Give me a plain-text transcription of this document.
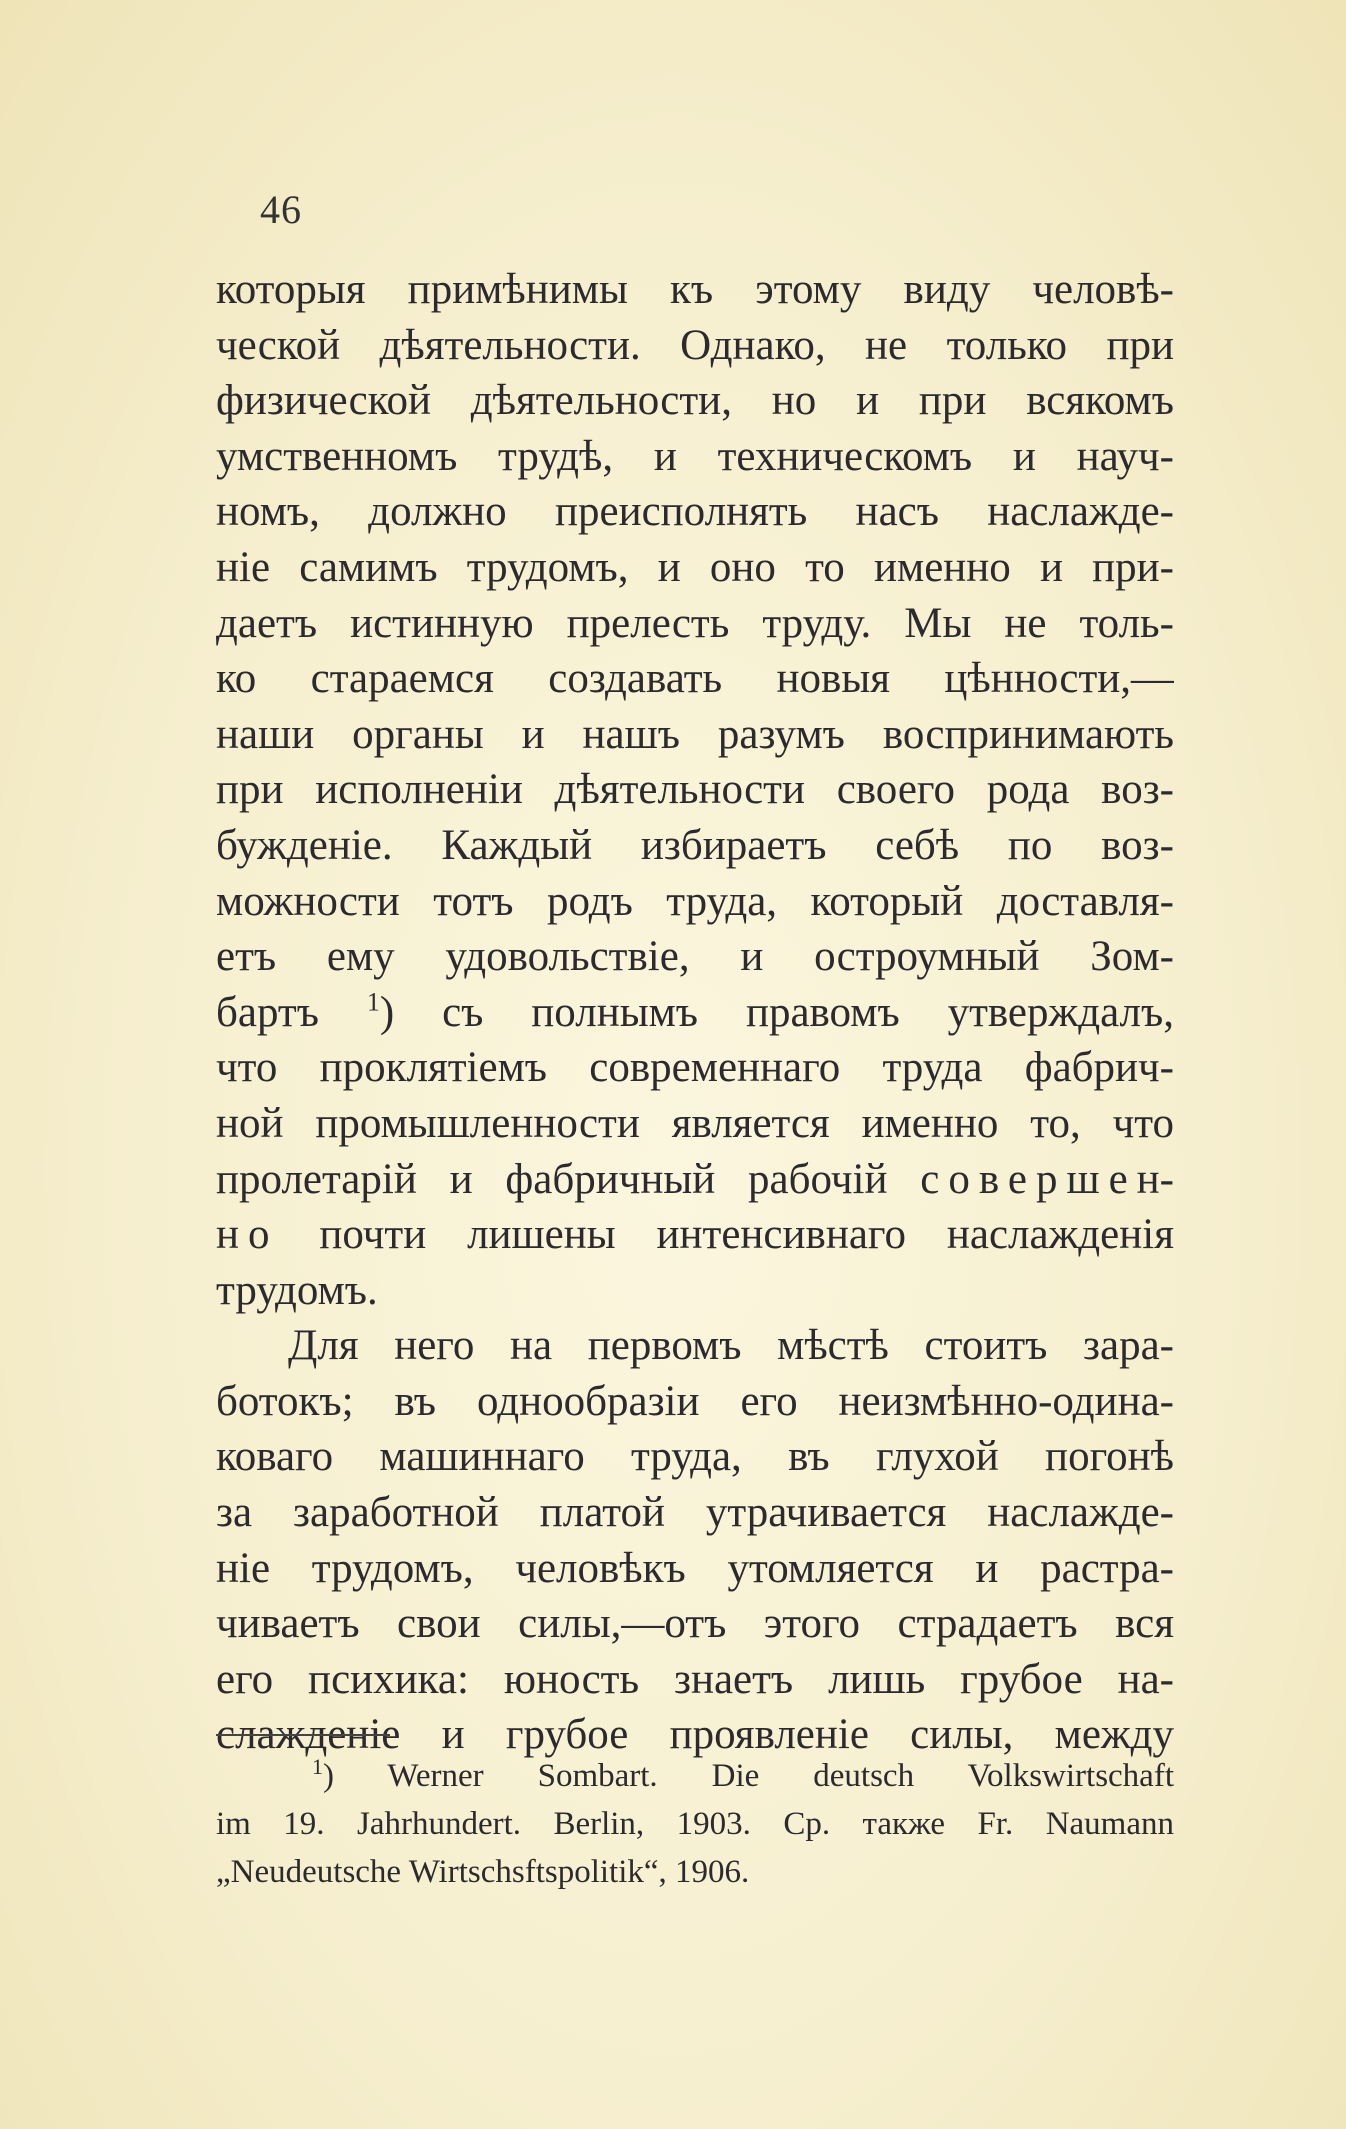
46
которыя примѣнимы къ этому виду человѣ-
ческой дѣятельности. Однако, не только при
физической дѣятельности, но и при всякомъ
умственномъ трудѣ, и техническомъ и науч-
номъ, должно преисполнять насъ наслажде-
ніе самимъ трудомъ, и оно то именно и при-
даетъ истинную прелесть труду. Мы не толь-
ко стараемся создавать новыя цѣнности,—
наши органы и нашъ разумъ воспринимають
при исполненіи дѣятельности своего рода воз-
бужденіе. Каждый избираетъ себѣ по воз-
можности тотъ родъ труда, который доставля-
етъ ему удовольствіе, и остроумный Зом-
бартъ $^1$) съ полнымъ правомъ утверждалъ,
что проклятіемъ современнаго труда фабрич-
ной промышленности является именно то, что
пролетарій и фабричный рабочій совершен-
но почти лишены интенсивнаго наслажденія
трудомъ.
Для него на первомъ мѣстѣ стоитъ зара-
ботокъ; въ однообразіи его неизмѣнно-одина-
коваго машиннаго труда, въ глухой погонѣ
за заработной платой утрачивается наслажде-
ніе трудомъ, человѣкъ утомляется и растра-
чиваетъ свои силы,—отъ этого страдаетъ вся
его психика: юность знаетъ лишь грубое на-
слажденіе и грубое проявленіе силы, между
$^1$) Werner Sombart. Die deutsch Volkswirtschaft
im 19. Jahrhundert. Berlin, 1903. Ср. также Fr. Naumann
„Neudeutsche Wirtschsftspolitik“, 1906.
